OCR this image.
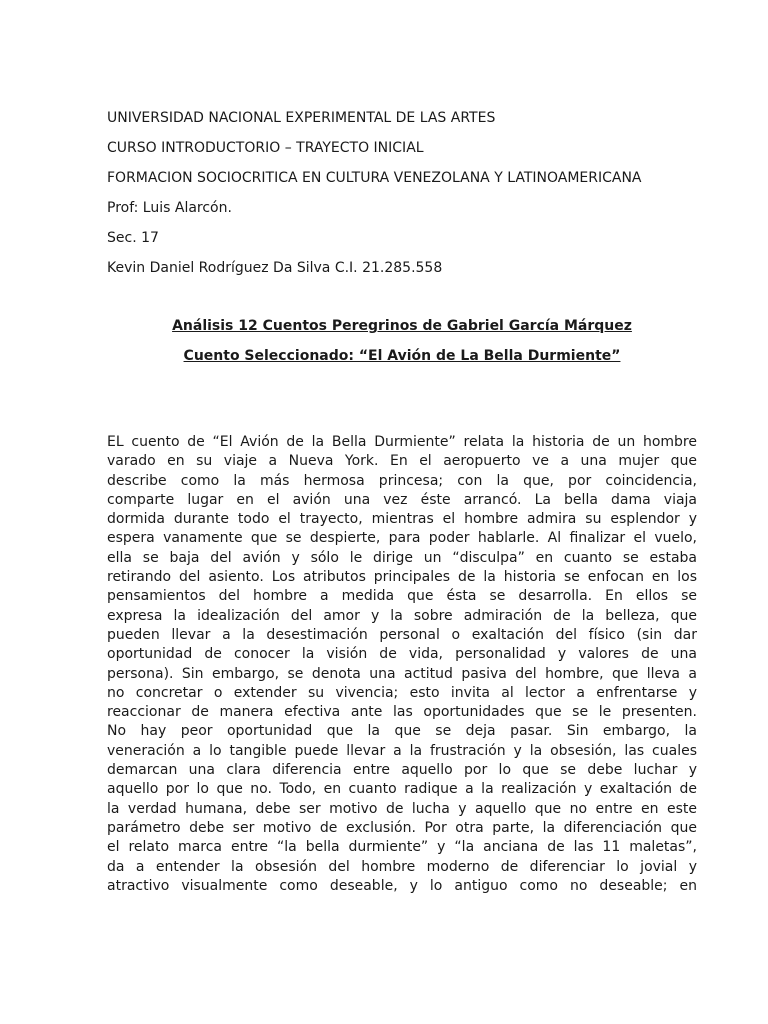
UNIVERSIDAD NACIONAL EXPERIMENTAL DE LAS ARTES
CURSO INTRODUCTORIO – TRAYECTO INICIAL
FORMACION SOCIOCRITICA EN CULTURA VENEZOLANA Y LATINOAMERICANA
Prof: Luis Alarcón.
Sec. 17
Kevin Daniel Rodríguez Da Silva C.I. 21.285.558
Análisis 12 Cuentos Peregrinos de Gabriel García Márquez
Cuento Seleccionado: “El Avión de La Bella Durmiente”
EL cuento de “El Avión de la Bella Durmiente” relata la historia de un hombre
varado en su viaje a Nueva York. En el aeropuerto ve a una mujer que
describe como la más hermosa princesa; con la que, por coincidencia,
comparte lugar en el avión una vez éste arrancó. La bella dama viaja
dormida durante todo el trayecto, mientras el hombre admira su esplendor y
espera vanamente que se despierte, para poder hablarle. Al finalizar el vuelo,
ella se baja del avión y sólo le dirige un “disculpa” en cuanto se estaba
retirando del asiento. Los atributos principales de la historia se enfocan en los
pensamientos del hombre a medida que ésta se desarrolla. En ellos se
expresa la idealización del amor y la sobre admiración de la belleza, que
pueden llevar a la desestimación personal o exaltación del físico (sin dar
oportunidad de conocer la visión de vida, personalidad y valores de una
persona). Sin embargo, se denota una actitud pasiva del hombre, que lleva a
no concretar o extender su vivencia; esto invita al lector a enfrentarse y
reaccionar de manera efectiva ante las oportunidades que se le presenten.
No hay peor oportunidad que la que se deja pasar. Sin embargo, la
veneración a lo tangible puede llevar a la frustración y la obsesión, las cuales
demarcan una clara diferencia entre aquello por lo que se debe luchar y
aquello por lo que no. Todo, en cuanto radique a la realización y exaltación de
la verdad humana, debe ser motivo de lucha y aquello que no entre en este
parámetro debe ser motivo de exclusión. Por otra parte, la diferenciación que
el relato marca entre “la bella durmiente” y “la anciana de las 11 maletas”,
da a entender la obsesión del hombre moderno de diferenciar lo jovial y
atractivo visualmente como deseable, y lo antiguo como no deseable; en
